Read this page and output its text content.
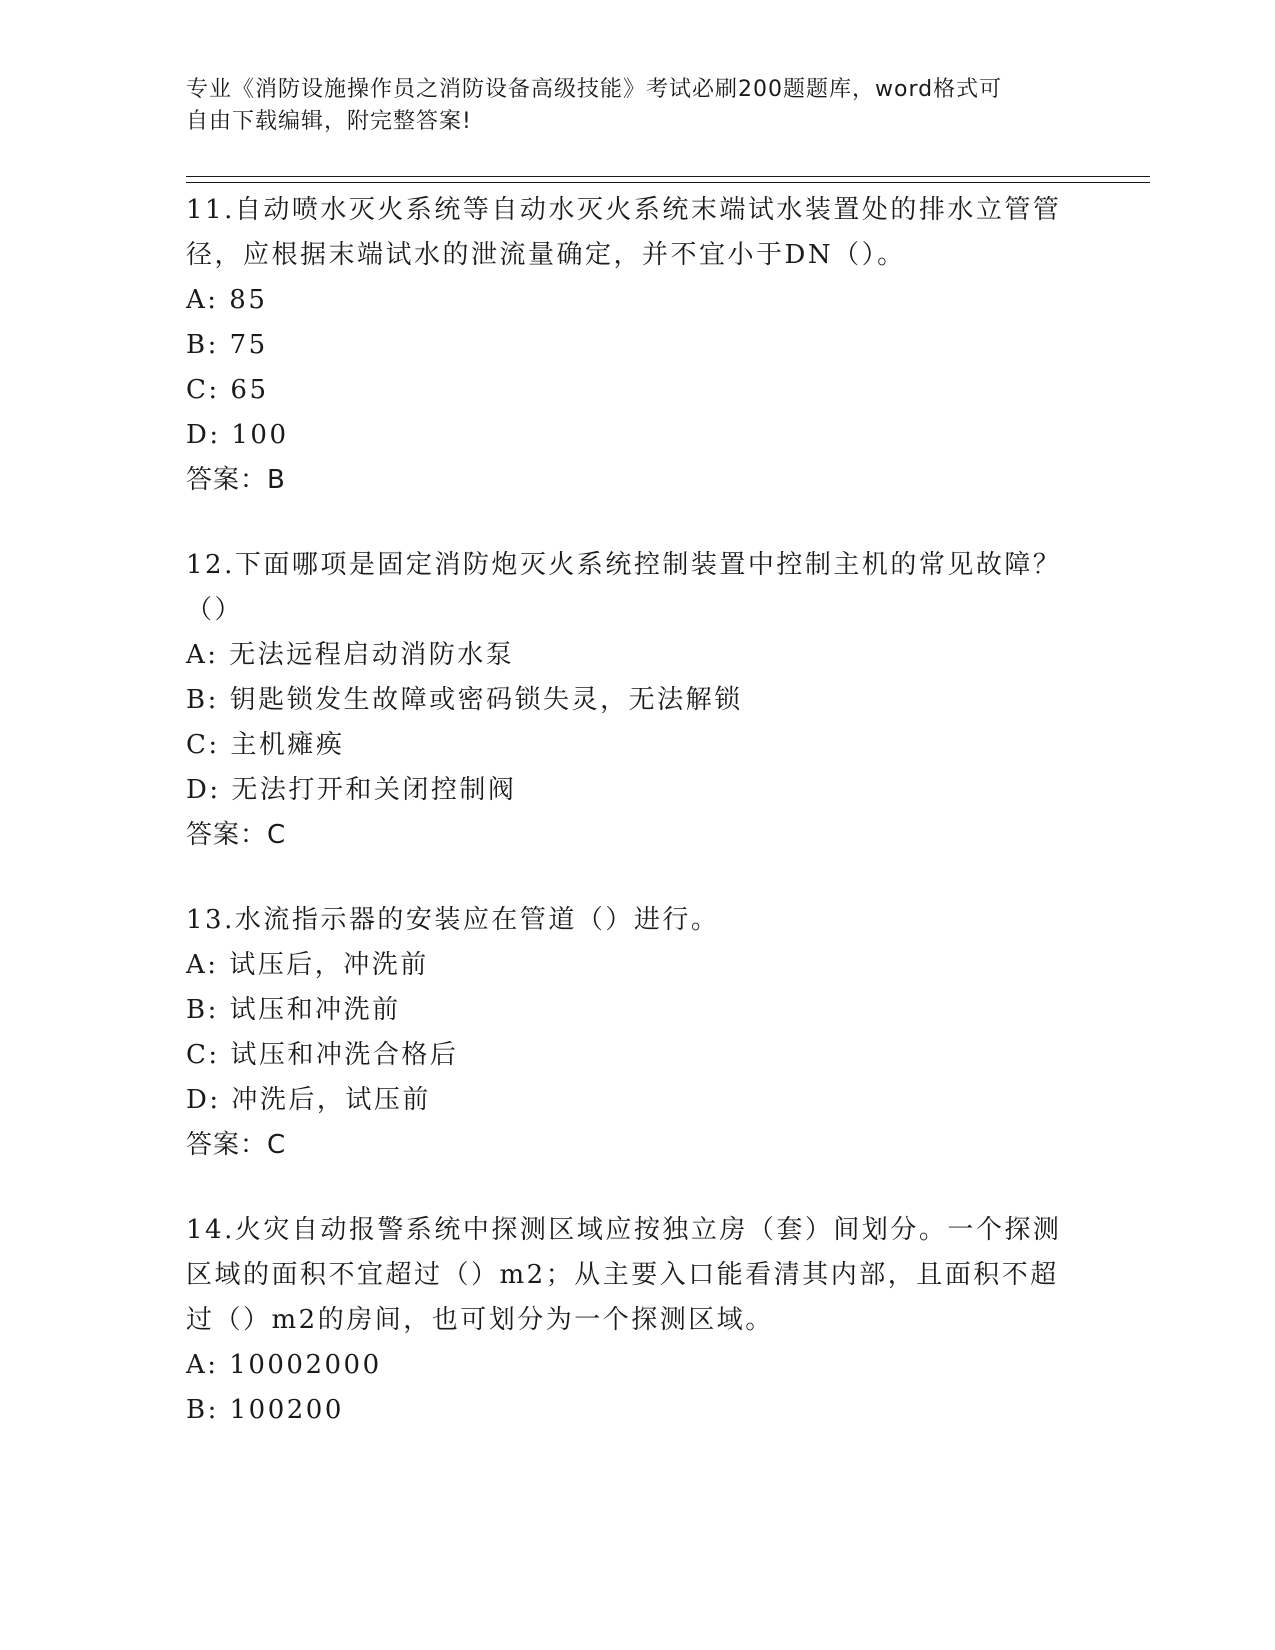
专业《消防设施操作员之消防设备高级技能》考试必刷200题题库，word格式可
自由下载编辑，附完整答案!

11.自动喷水灭火系统等自动水灭火系统末端试水装置处的排水立管管

径，应根据末端试水的泄流量确定，并不宜小于DN（）。

A: 85

B: 75

C: 65

D: 100

答案：B

12.下面哪项是固定消防炮灭火系统控制装置中控制主机的常见故障？

（）

A: 无法远程启动消防水泵

B: 钥匙锁发生故障或密码锁失灵，无法解锁

C: 主机瘫痪

D: 无法打开和关闭控制阀

答案：C

13.水流指示器的安装应在管道（）进行。

A: 试压后，冲洗前

B: 试压和冲洗前

C: 试压和冲洗合格后

D: 冲洗后，试压前

答案：C

14.火灾自动报警系统中探测区域应按独立房（套）间划分。一个探测

区域的面积不宜超过（）m2；从主要入口能看清其内部，且面积不超

过（）m2的房间，也可划分为一个探测区域。

A: 10002000

B: 100200
